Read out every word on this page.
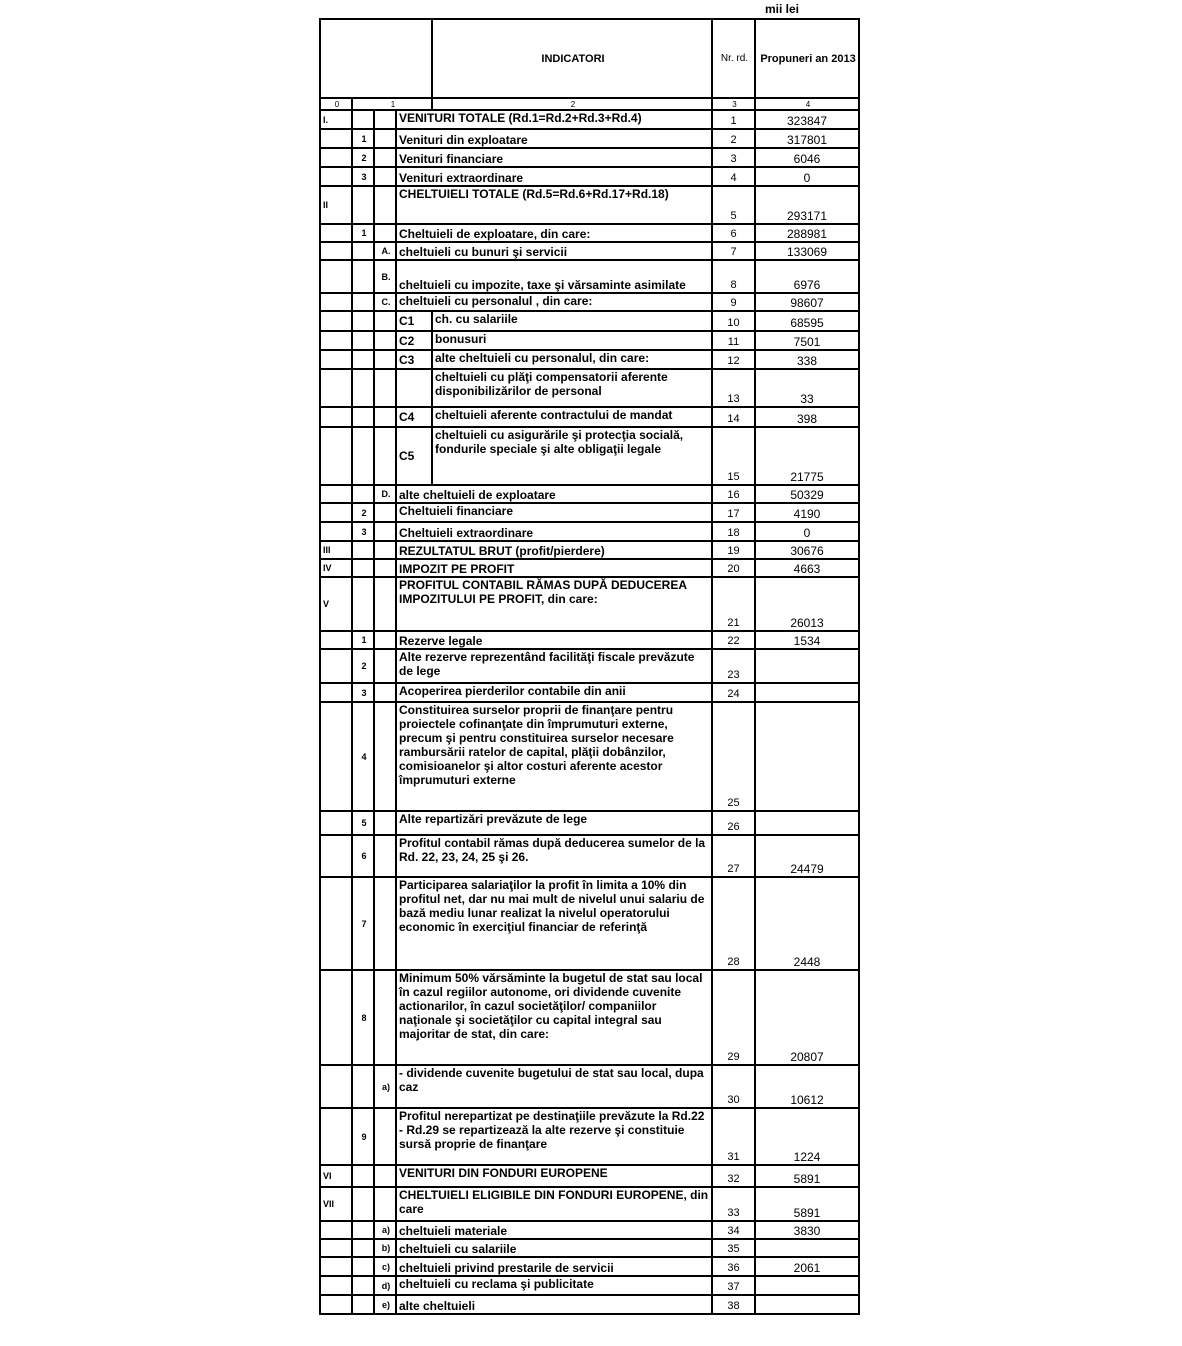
mii lei
				INDICATORI	Nr. rd.	Propuneri an 2013
0	1			2	3	4
I.			VENITURI TOTALE (Rd.1=Rd.2+Rd.3+Rd.4)		1	323847
	1		Venituri din exploatare		2	317801
	2		Venituri financiare		3	6046
	3		Venituri extraordinare		4	0
II			CHELTUIELI TOTALE (Rd.5=Rd.6+Rd.17+Rd.18)		5	293171
	1		Cheltuieli de exploatare, din care:		6	288981
		A.	cheltuieli cu bunuri şi servicii		7	133069
		B.	cheltuieli cu impozite, taxe şi vărsaminte asimilate		8	6976
		C.	cheltuieli cu personalul , din care:		9	98607
			C1	ch. cu salariile	10	68595
			C2	bonusuri	11	7501
			C3	alte cheltuieli cu personalul, din care:	12	338
				cheltuieli cu plăţi compensatorii aferente disponibilizărilor de personal	13	33
			C4	cheltuieli aferente contractului de mandat	14	398
			C5	cheltuieli cu asigurările şi protecţia socială, fondurile speciale şi alte obligaţii legale	15	21775
		D.	alte cheltuieli de exploatare		16	50329
	2		Cheltuieli financiare		17	4190
	3		Cheltuieli extraordinare		18	0
III			REZULTATUL BRUT (profit/pierdere)		19	30676
IV			IMPOZIT PE PROFIT		20	4663
V			PROFITUL CONTABIL RĂMAS DUPĂ DEDUCEREA IMPOZITULUI PE PROFIT, din care:		21	26013
	1		Rezerve legale		22	1534
	2		Alte rezerve reprezentând facilităţi fiscale prevăzute de lege		23	
	3		Acoperirea pierderilor contabile din anii		24	
	4		Constituirea surselor proprii de finanţare pentru proiectele cofinanţate din împrumuturi externe, precum şi pentru constituirea surselor necesare rambursării ratelor de capital, plăţii dobânzilor, comisioanelor şi altor costuri aferente acestor împrumuturi externe		25	
	5		Alte repartizări prevăzute de lege		26	
	6		Profitul contabil rămas după deducerea sumelor de la Rd. 22, 23, 24, 25 şi 26.		27	24479
	7		Participarea salariaţilor la profit în limita a 10% din profitul net, dar nu mai mult de nivelul unui salariu de bază mediu lunar realizat la nivelul operatorului economic în exerciţiul financiar de referinţă		28	2448
	8		Minimum 50% vărsăminte la bugetul de stat sau local în cazul regiilor autonome, ori dividende cuvenite actionarilor, în cazul societăţilor/ companiilor naţionale şi societăţilor cu capital integral sau majoritar de stat, din care:		29	20807
		a)	- dividende cuvenite bugetului de stat sau local, dupa caz		30	10612
	9		Profitul nerepartizat pe destinaţiile prevăzute la Rd.22 - Rd.29 se repartizează la alte rezerve şi constituie sursă proprie de finanţare		31	1224
VI			VENITURI DIN FONDURI EUROPENE		32	5891
VII			CHELTUIELI ELIGIBILE DIN FONDURI EUROPENE, din care		33	5891
		a)	cheltuieli materiale		34	3830
		b)	cheltuieli cu salariile		35	
		c)	cheltuieli privind prestarile de servicii		36	2061
		d)	cheltuieli cu reclama şi publicitate		37	
		e)	alte cheltuieli		38	
